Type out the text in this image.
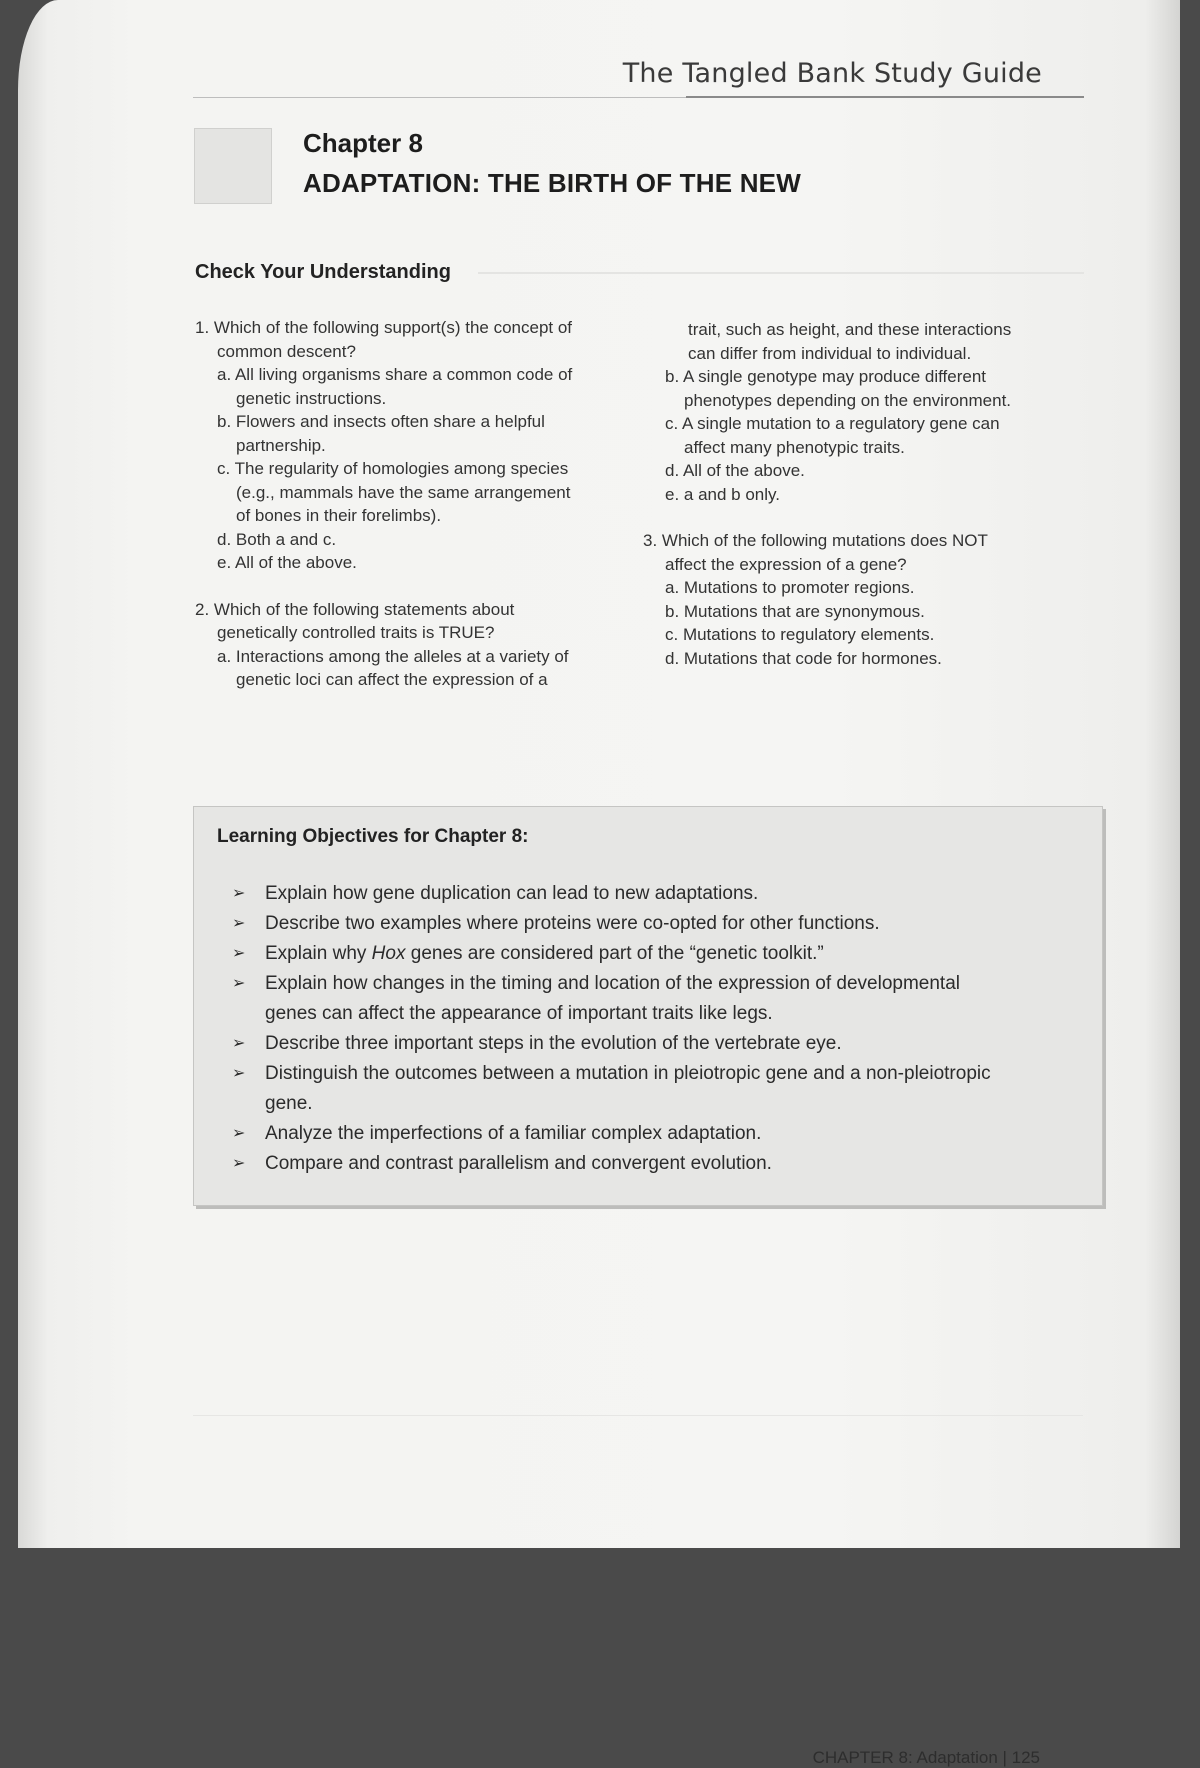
The Tangled Bank Study Guide
Chapter 8
ADAPTATION: THE BIRTH OF THE NEW
Check Your Understanding

1. Which of the following support(s) the concept of
common descent?

a. All living organisms share a common code of
genetic instructions.

b. Flowers and insects often share a helpful
partnership.

c. The regularity of homologies among species
(e.g., mammals have the same arrangement
of bones in their forelimbs).

d. Both a and c.

e. All of the above.

2. Which of the following statements about
genetically controlled traits is TRUE?

a. Interactions among the alleles at a variety of
genetic loci can affect the expression of a

trait, such as height, and these interactions
can differ from individual to individual.

b. A single genotype may produce different
phenotypes depending on the environment.

c. A single mutation to a regulatory gene can
affect many phenotypic traits.

d. All of the above.

e. a and b only.

3. Which of the following mutations does NOT
affect the expression of a gene?

a. Mutations to promoter regions.

b. Mutations that are synonymous.

c. Mutations to regulatory elements.

d. Mutations that code for hormones.

Learning Objectives for Chapter 8:
➢ Explain how gene duplication can lead to new adaptations.
➢ Describe two examples where proteins were co-opted for other functions.
➢ Explain why Hox genes are considered part of the “genetic toolkit.”
➢ Explain how changes in the timing and location of the expression of developmental
genes can affect the appearance of important traits like legs.
➢ Describe three important steps in the evolution of the vertebrate eye.
➢ Distinguish the outcomes between a mutation in pleiotropic gene and a non-pleiotropic
gene.
➢ Analyze the imperfections of a familiar complex adaptation.
➢ Compare and contrast parallelism and convergent evolution.
CHAPTER 8: Adaptation | 125
